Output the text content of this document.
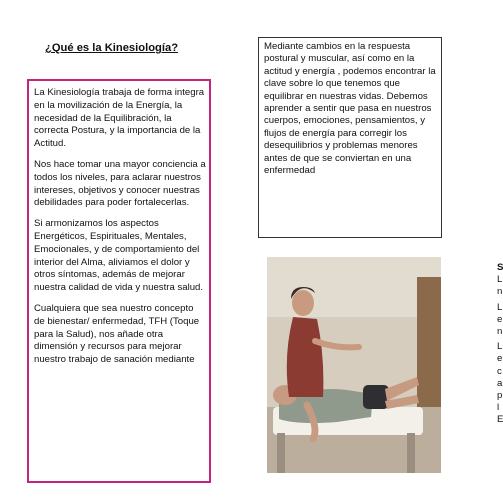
¿Qué es la Kinesiología?

La Kinesiología trabaja de forma integra en la movilización de la Energía, la necesidad de la Equilibración, la correcta Postura, y la importancia de la Actitud.

Nos hace tomar una mayor conciencia a todos los niveles, para aclarar nuestros intereses, objetivos y conocer nuestras debilidades para poder fortalecerlas.

Si armonizamos los aspectos Energéticos, Espirituales, Mentales, Emocionales, y de comportamiento del interior del Alma, aliviamos el dolor y otros síntomas, además de mejorar nuestra calidad de vida y nuestra salud.

Cualquiera que sea nuestro concepto de bienestar/ enfermedad, TFH (Toque para la Salud), nos añade otra dimensión y recursos para mejorar nuestro trabajo de sanación mediante

Mediante cambios en la respuesta postural y muscular, así como en la actitud y energía , podemos encontrar la clave sobre lo que tenemos que equilibrar en nuestras vidas. Debemos aprender a sentir que pasa en nuestros cuerpos, emociones, pensamientos, y flujos de energía para corregir los desequilibrios y problemas menores antes de que se conviertan en una enfermedad
S
L
n
L
e
n
L
e
c
a
p
l
E
